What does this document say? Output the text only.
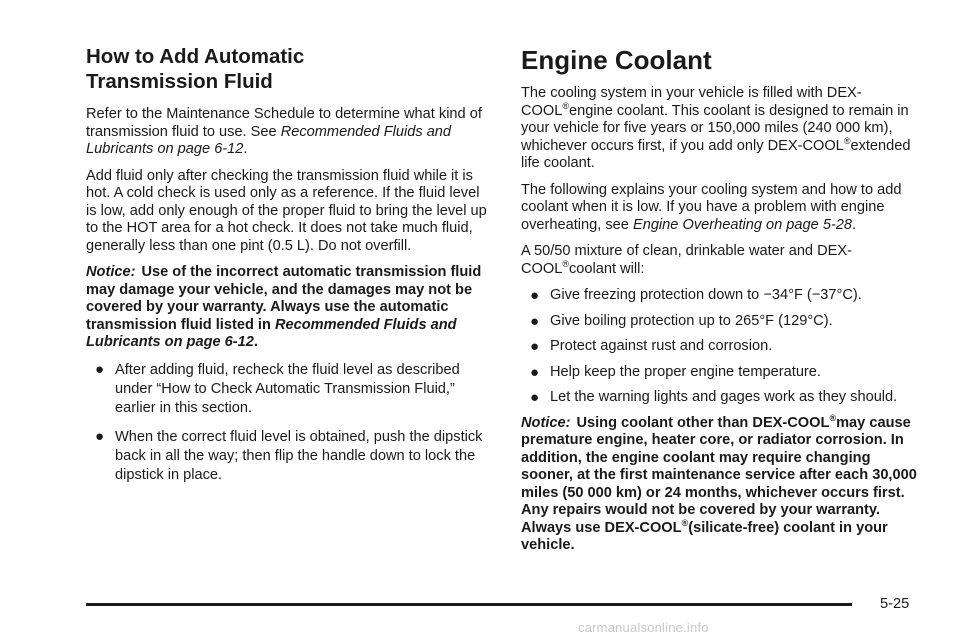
How to Add Automatic
Transmission Fluid

Refer to the Maintenance Schedule to determine what kind of transmission fluid to use. See Recommended Fluids and Lubricants on page 6-12.

Add fluid only after checking the transmission fluid while it is hot. A cold check is used only as a reference. If the fluid level is low, add only enough of the proper fluid to bring the level up to the HOT area for a hot check. It does not take much fluid, generally less than one pint (0.5 L). Do not overfill.

Notice: Use of the incorrect automatic transmission fluid may damage your vehicle, and the damages may not be covered by your warranty. Always use the automatic transmission fluid listed in Recommended Fluids and Lubricants on page 6-12.

● After adding fluid, recheck the fluid level as described under “How to Check Automatic Transmission Fluid,” earlier in this section.
● When the correct fluid level is obtained, push the dipstick back in all the way; then flip the handle down to lock the dipstick in place.
Engine Coolant

The cooling system in your vehicle is filled with DEX-COOL®engine coolant. This coolant is designed to remain in your vehicle for five years or 150,000 miles (240 000 km), whichever occurs first, if you add only DEX-COOL®extended life coolant.

The following explains your cooling system and how to add coolant when it is low. If you have a problem with engine overheating, see Engine Overheating on page 5-28.

A 50/50 mixture of clean, drinkable water and DEX-COOL®coolant will:

● Give freezing protection down to −34°F (−37°C).
● Give boiling protection up to 265°F (129°C).
● Protect against rust and corrosion.
● Help keep the proper engine temperature.
● Let the warning lights and gages work as they should.

Notice: Using coolant other than DEX-COOL®may cause premature engine, heater core, or radiator corrosion. In addition, the engine coolant may require changing sooner, at the first maintenance service after each 30,000 miles (50 000 km) or 24 months, whichever occurs first. Any repairs would not be covered by your warranty. Always use DEX-COOL®(silicate-free) coolant in your vehicle.

5-25
carmanualsonline.info
